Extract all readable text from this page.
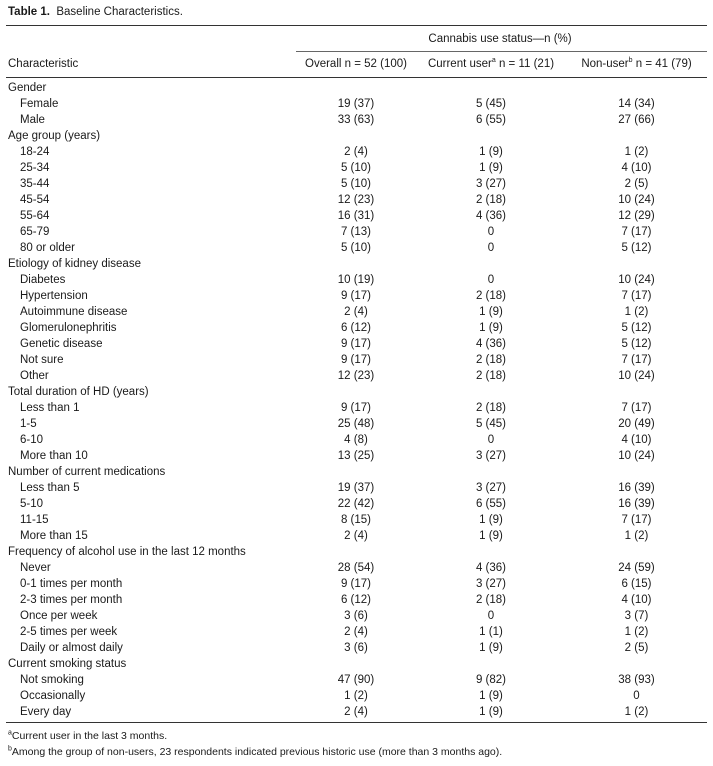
Table 1. Baseline Characteristics.
Cannabis use status—n (%)
Characteristic	Overall n = 52 (100)	Current user$^a$ n = 11 (21)	Non-user$^b$ n = 41 (79)
Gender			
Female	19 (37)	5 (45)	14 (34)
Male	33 (63)	6 (55)	27 (66)
Age group (years)			
18-24	2 (4)	1 (9)	1 (2)
25-34	5 (10)	1 (9)	4 (10)
35-44	5 (10)	3 (27)	2 (5)
45-54	12 (23)	2 (18)	10 (24)
55-64	16 (31)	4 (36)	12 (29)
65-79	7 (13)	0	7 (17)
80 or older	5 (10)	0	5 (12)
Etiology of kidney disease			
Diabetes	10 (19)	0	10 (24)
Hypertension	9 (17)	2 (18)	7 (17)
Autoimmune disease	2 (4)	1 (9)	1 (2)
Glomerulonephritis	6 (12)	1 (9)	5 (12)
Genetic disease	9 (17)	4 (36)	5 (12)
Not sure	9 (17)	2 (18)	7 (17)
Other	12 (23)	2 (18)	10 (24)
Total duration of HD (years)			
Less than 1	9 (17)	2 (18)	7 (17)
1-5	25 (48)	5 (45)	20 (49)
6-10	4 (8)	0	4 (10)
More than 10	13 (25)	3 (27)	10 (24)
Number of current medications			
Less than 5	19 (37)	3 (27)	16 (39)
5-10	22 (42)	6 (55)	16 (39)
11-15	8 (15)	1 (9)	7 (17)
More than 15	2 (4)	1 (9)	1 (2)
Frequency of alcohol use in the last 12 months			
Never	28 (54)	4 (36)	24 (59)
0-1 times per month	9 (17)	3 (27)	6 (15)
2-3 times per month	6 (12)	2 (18)	4 (10)
Once per week	3 (6)	0	3 (7)
2-5 times per week	2 (4)	1 (1)	1 (2)
Daily or almost daily	3 (6)	1 (9)	2 (5)
Current smoking status			
Not smoking	47 (90)	9 (82)	38 (93)
Occasionally	1 (2)	1 (9)	0
Every day	2 (4)	1 (9)	1 (2)
$^a$Current user in the last 3 months.
$^b$Among the group of non-users, 23 respondents indicated previous historic use (more than 3 months ago).
